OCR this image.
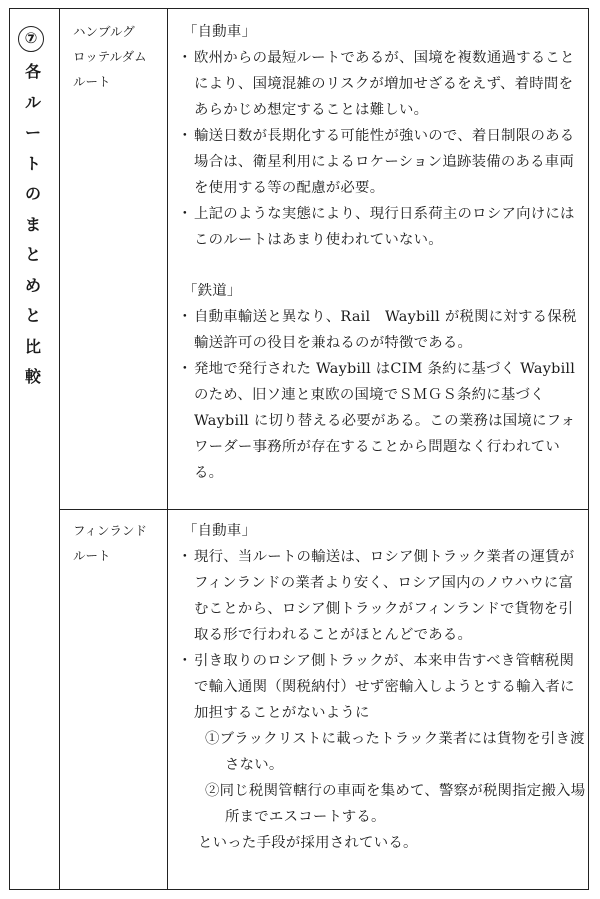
⑦
各
ル
ー
ト
の
ま
と
め
と
比
較
ハンブルグ
ロッテルダム
ルート

「自動車」

・ 欧州からの最短ルートであるが、国境を複数通過することにより、国境混雑のリスクが増加せざるをえず、着時間をあらかじめ想定することは難しい。

・ 輸送日数が長期化する可能性が強いので、着日制限のある場合は、衛星利用によるロケーション追跡装備のある車両を使用する等の配慮が必要。

・ 上記のような実態により、現行日系荷主のロシア向けにはこのルートはあまり使われていない。

「鉄道」

・ 自動車輸送と異なり、Rail　Waybill が税関に対する保税輸送許可の役目を兼ねるのが特徴である。

・ 発地で発行された Waybill はCIM 条約に基づく Waybill のため、旧ソ連と東欧の国境でＳＭＧＳ条約に基づく Waybill に切り替える必要がある。この業務は国境にフォワーダー事務所が存在することから問題なく行われている。

フィンランド
ルート

「自動車」

・ 現行、当ルートの輸送は、ロシア側トラック業者の運賃がフィンランドの業者より安く、ロシア国内のノウハウに富むことから、ロシア側トラックがフィンランドで貨物を引取る形で行われることがほとんどである。

・ 引き取りのロシア側トラックが、本来申告すべき管轄税関で輸入通関（関税納付）せず密輸入しようとする輸入者に加担することがないように

①ブラックリストに載ったトラック業者には貨物を引き渡さない。

②同じ税関管轄行の車両を集めて、警察が税関指定搬入場所までエスコートする。

といった手段が採用されている。
